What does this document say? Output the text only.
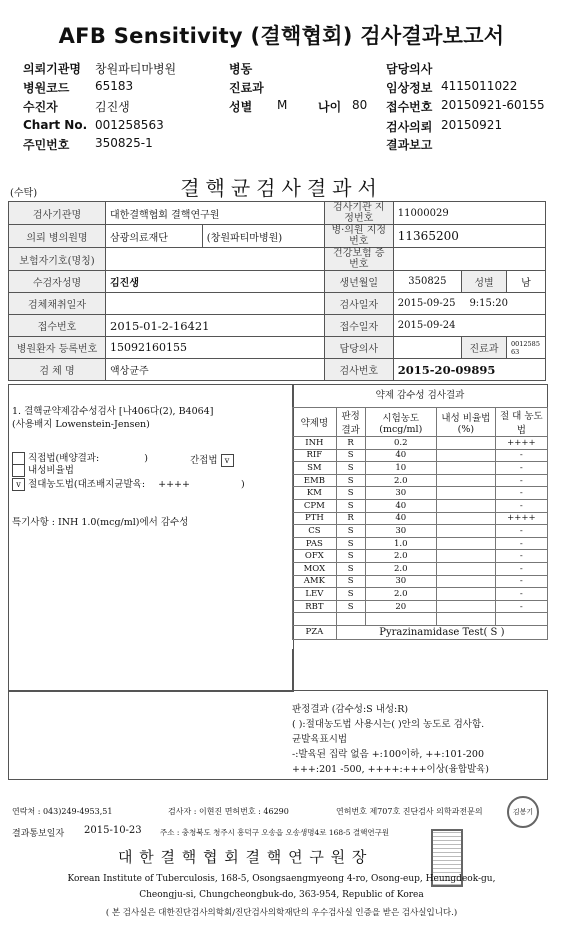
AFB Sensitivity (결핵협회) 검사결과보고서
의뢰기관명 창원파티마병원
병원코드 65183
수진자	김진생
Chart No. 001258563
주민번호 350825-1
병동
진료과
성별 M	나이 80
담당의사
임상정보 4115011022
접수번호 20150921-60155
검사의뢰 20150921
결과보고
(수탁)	결핵균검사결과서
검사기관명	대한결핵협회 결핵연구원		검사기관 지정번호	11000029		
의뢰 병의원명	삼광의료재단	(창원파티마병원)	병·의원 지정번호	11365200		
보험자기호(명칭)			건강보험 증번호			
수검자성명	김진생		생년월일	350825	성별	남
검체채취일자			검사일자	2015-09-25 9:15:20		
접수번호	2015-01-2-16421		접수일자	2015-09-24		
병원환자 등록번호	15092160155		담당의사		진료과	001258563
검 체 명	액상균주		검사번호	2015-20-09895		
1. 결핵균약제감수성검사 [나406다(2), B4064]
(사용배지 Lowenstein-Jensen)
직접법(배양결과:	)	간접법 v
내성비율법
v 절대농도법(대조배지균발육: ++++	)
특기사항 : INH 1.0(mcg/ml)에서 감수성
약제 감수성 검사결과
약제명	판정 결과	시험농도 (mcg/ml)	내성 비율법(%)	절 대 농도법
INH	R	0.2		++++
RIF	S	40		-
SM	S	10		-
EMB	S	2.0		-
KM	S	30		-
CPM	S	40		-
PTH	R	40		++++
CS	S	30		-
PAS	S	1.0		-
OFX	S	2.0		-
MOX	S	2.0		-
AMK	S	30		-
LEV	S	2.0		-
RBT	S	20		-

PZA	Pyrazinamidase Test( S )			
판정결과 (감수성:S 내성:R)
( ):절대농도법 사용시는( )안의 농도로 검사함.
균발육표시법
-:발육된 집락 없음 +:100이하, ++:101-200
+++:201 -500, ++++:+++이상(융합발육)
연락처 : 043)249-4953,51	검사자 : 이현진 면허번호 : 46290	연허번호 제707호 진단검사 의학과전문의	김봉기
결과통보일자 2015-10-23 주소 : 충청북도 청주시 흥덕구 오송읍 오송생명4로 168-5 결핵연구원
대 한 결 핵 협 회 결 핵 연 구 원 장
Korean Institute of Tuberculosis, 168-5, Osongsaengmyeong 4-ro, Osong-eup, Heungdeok-gu,
Cheongju-si, Chungcheongbuk-do, 363-954, Republic of Korea
( 본 검사실은 대한진단검사의학회/진단검사의학재단의 우수검사실 인증을 받은 검사실입니다.)
